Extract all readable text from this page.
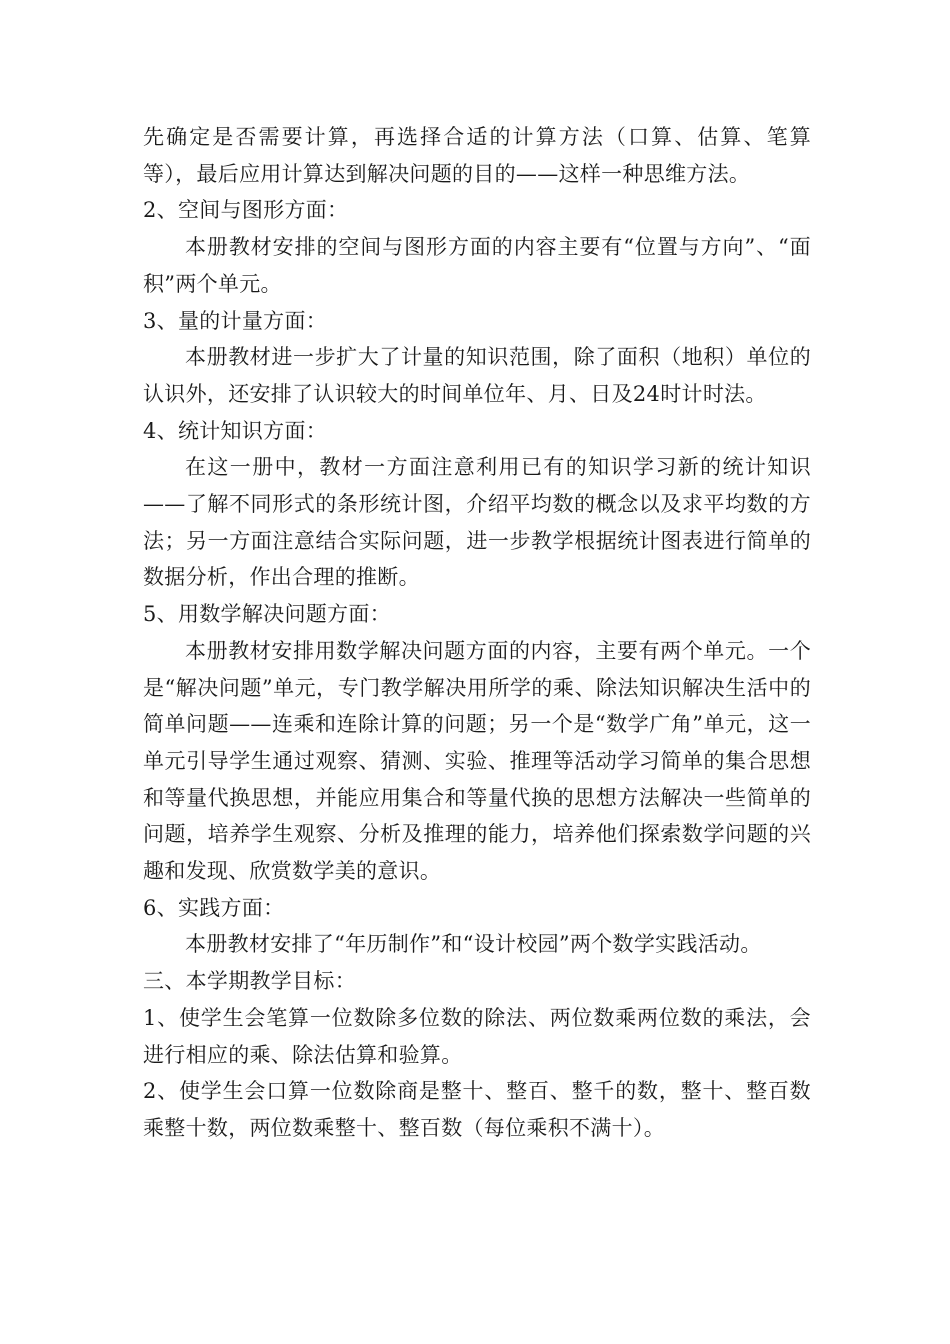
先确定是否需要计算，再选择合适的计算方法（口算、估算、笔算等），最后应用计算达到解决问题的目的——这样一种思维方法。

2、空间与图形方面：

本册教材安排的空间与图形方面的内容主要有“位置与方向”、“面积”两个单元。

3、量的计量方面：

本册教材进一步扩大了计量的知识范围，除了面积（地积）单位的认识外，还安排了认识较大的时间单位年、月、日及24时计时法。

4、统计知识方面：

在这一册中，教材一方面注意利用已有的知识学习新的统计知识——了解不同形式的条形统计图，介绍平均数的概念以及求平均数的方法；另一方面注意结合实际问题，进一步教学根据统计图表进行简单的数据分析，作出合理的推断。

5、用数学解决问题方面：

本册教材安排用数学解决问题方面的内容，主要有两个单元。一个是“解决问题”单元，专门教学解决用所学的乘、除法知识解决生活中的简单问题——连乘和连除计算的问题；另一个是“数学广角”单元，这一单元引导学生通过观察、猜测、实验、推理等活动学习简单的集合思想和等量代换思想，并能应用集合和等量代换的思想方法解决一些简单的问题，培养学生观察、分析及推理的能力，培养他们探索数学问题的兴趣和发现、欣赏数学美的意识。

6、实践方面：

本册教材安排了“年历制作”和“设计校园”两个数学实践活动。

三、本学期教学目标：

1、使学生会笔算一位数除多位数的除法、两位数乘两位数的乘法，会进行相应的乘、除法估算和验算。

2、使学生会口算一位数除商是整十、整百、整千的数，整十、整百数乘整十数，两位数乘整十、整百数（每位乘积不满十）。
